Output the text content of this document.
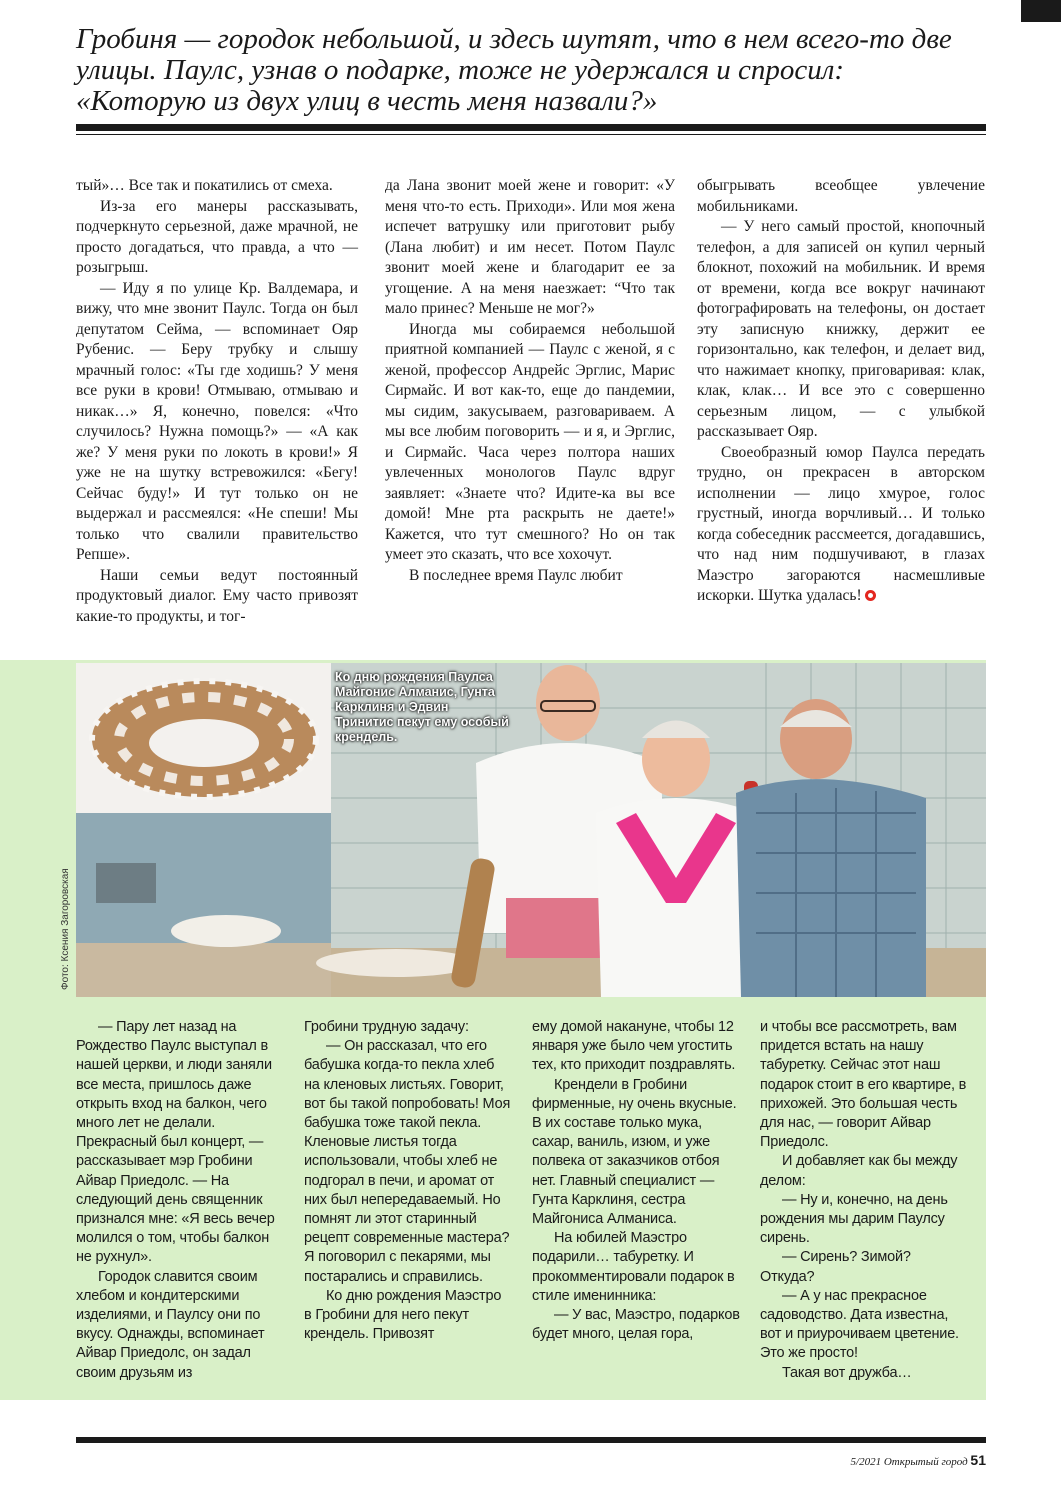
Гробиня — городок небольшой, и здесь шутят, что в нем всего-то две улицы. Паулс, узнав о подарке, тоже не удержался и спросил: «Которую из двух улиц в честь меня назвали?»

тый»… Все так и покатились от смеха.

Из-за его манеры рассказывать, подчеркнуто серьезной, даже мрачной, не просто догадаться, что правда, а что — розыгрыш.

— Иду я по улице Кр. Валдемара, и вижу, что мне звонит Паулс. Тогда он был депутатом Сейма, — вспоминает Ояр Рубенис. — Беру трубку и слышу мрачный голос: «Ты где ходишь? У меня все руки в крови! Отмываю, отмываю и никак…» Я, конечно, повелся: «Что случилось? Нужна помощь?» — «А как же? У меня руки по локоть в крови!» Я уже не на шутку встревожился: «Бегу! Сейчас буду!» И тут только он не выдержал и рассмеялся: «Не спеши! Мы только что свалили правительство Репше».

Наши семьи ведут постоянный продуктовый диалог. Ему часто привозят какие-то продукты, и тог-

да Лана звонит моей жене и говорит: «У меня что-то есть. Приходи». Или моя жена испечет ватрушку или приготовит рыбу (Лана любит) и им несет. Потом Паулс звонит моей жене и благодарит ее за угощение. А на меня наезжает: “Что так мало принес? Меньше не мог?»

Иногда мы собираемся небольшой приятной компанией — Паулс с женой, я с женой, профессор Андрейс Эрглис, Марис Сирмайс. И вот как-то, еще до пандемии, мы сидим, закусываем, разговариваем. А мы все любим поговорить — и я, и Эрглис, и Сирмайс. Часа через полтора наших увлеченных монологов Паулс вдруг заявляет: «Знаете что? Идите-ка вы все домой! Мне рта раскрыть не даете!» Кажется, что тут смешного? Но он так умеет это сказать, что все хохочут.

В последнее время Паулс любит

обыгрывать всеобщее увлечение мобильниками.

— У него самый простой, кнопочный телефон, а для записей он купил черный блокнот, похожий на мобильник. И время от времени, когда все вокруг начинают фотографировать на телефоны, он достает эту записную книжку, держит ее горизонтально, как телефон, и делает вид, что нажимает кнопку, приговаривая: клак, клак, клак… И все это с совершенно серьезным лицом, — с улыбкой рассказывает Ояр.

Своеобразный юмор Паулса передать трудно, он прекрасен в авторском исполнении — лицо хмурое, голос грустный, иногда ворчливый… И только когда собеседник рассмеется, догадавшись, что над ним подшучивают, в глазах Маэстро загораются насмешливые искорки. Шутка удалась!

Ко дню рождения Паулса Майгонис Алманис, Гунта Карклиня и Эдвин Тринитис пекут ему особый крендель.
Фото: Ксения Загоровская

— Пару лет назад на Рождество Паулс выступал в нашей церкви, и люди заняли все места, пришлось даже открыть вход на балкон, чего много лет не делали. Прекрасный был концерт, — рассказывает мэр Гробини Айвар Приедолс. — На следующий день священник признался мне: «Я весь вечер молился о том, чтобы балкон не рухнул».

Городок славится своим хлебом и кондитерскими изделиями, и Паулсу они по вкусу. Однажды, вспоминает Айвар Приедолс, он задал своим друзьям из

Гробини трудную задачу:

— Он рассказал, что его бабушка когда-то пекла хлеб на кленовых листьях. Говорит, вот бы такой попробовать! Моя бабушка тоже такой пекла. Кленовые листья тогда использовали, чтобы хлеб не подгорал в печи, и аромат от них был непередаваемый. Но помнят ли этот старинный рецепт современные мастера? Я поговорил с пекарями, мы постарались и справились.

Ко дню рождения Маэстро в Гробини для него пекут крендель. Привозят

ему домой накануне, чтобы 12 января уже было чем угостить тех, кто приходит поздравлять.

Крендели в Гробини фирменные, ну очень вкусные. В их составе только мука, сахар, ваниль, изюм, и уже полвека от заказчиков отбоя нет. Главный специалист — Гунта Карклиня, сестра Майгониса Алманиса.

На юбилей Маэстро подарили… табуретку. И прокомментировали подарок в стиле именинника:

— У вас, Маэстро, подарков будет много, целая гора,

и чтобы все рассмотреть, вам придется встать на нашу табуретку. Сейчас этот наш подарок стоит в его квартире, в прихожей. Это большая честь для нас, — говорит Айвар Приедолс.

И добавляет как бы между делом:

— Ну и, конечно, на день рождения мы дарим Паулсу сирень.

— Сирень? Зимой? Откуда?

— А у нас прекрасное садоводство. Дата известна, вот и приурочиваем цветение. Это же просто!

Такая вот дружба…

5/2021 Открытый город 51
